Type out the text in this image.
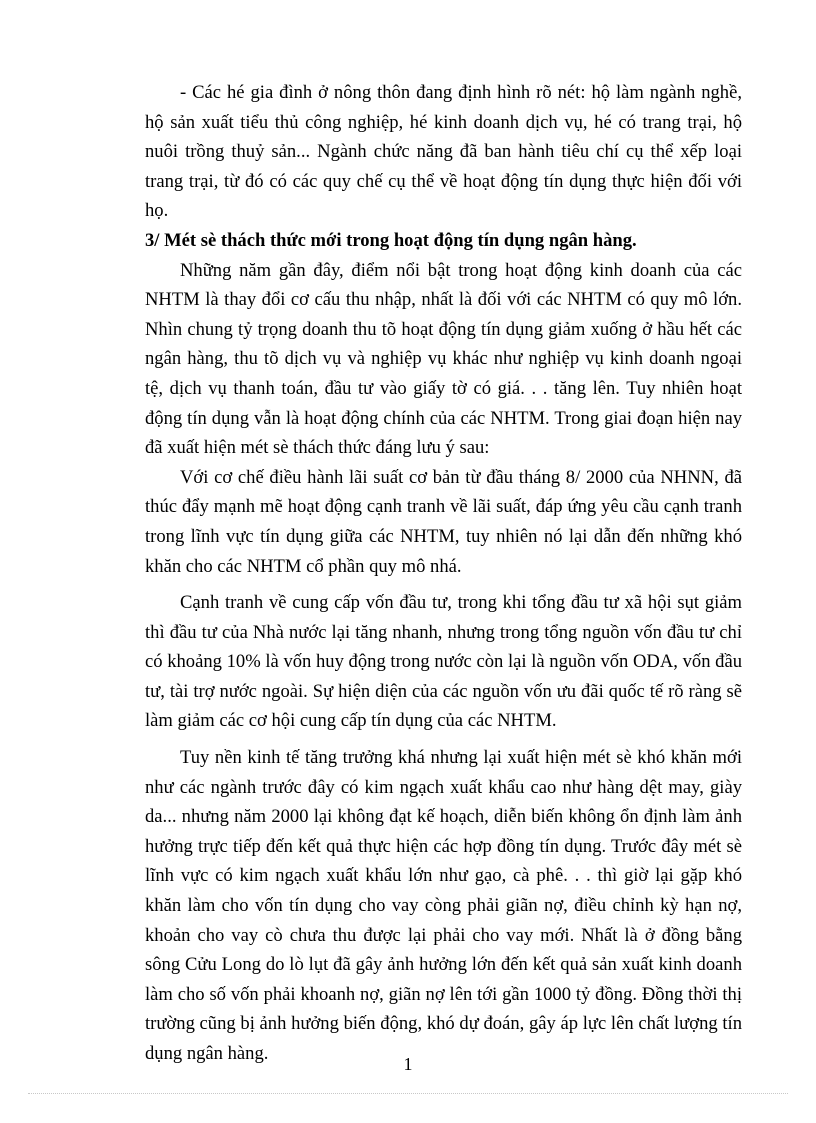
- Các hé gia đình ở nông thôn đang định hình rõ nét: hộ làm ngành nghề, hộ sản xuất tiểu thủ công nghiệp, hé kinh doanh dịch vụ, hé có trang trại, hộ nuôi trồng thuỷ sản... Ngành chức năng đã ban hành tiêu chí cụ thể xếp loại trang trại, từ đó có các quy chế cụ thể về hoạt động tín dụng thực hiện đối với họ.

3/ Mét sè thách thức mới trong hoạt động tín dụng ngân hàng.

Những năm gần đây, điểm nổi bật trong hoạt động kinh doanh của các NHTM là thay đổi cơ cấu thu nhập, nhất là đối với các NHTM có quy mô lớn. Nhìn chung tỷ trọng doanh thu tõ hoạt động tín dụng giảm xuống ở hầu hết các ngân hàng, thu tõ dịch vụ và nghiệp vụ khác như nghiệp vụ kinh doanh ngoại tệ, dịch vụ thanh toán, đầu tư vào giấy tờ có giá. . . tăng lên. Tuy nhiên hoạt động tín dụng vẫn là hoạt động chính của các NHTM. Trong giai đoạn hiện nay đã xuất hiện mét sè thách thức đáng lưu ý sau:

Với cơ chế điều hành lãi suất cơ bản từ đầu tháng 8/ 2000 của NHNN, đã thúc đẩy mạnh mẽ hoạt động cạnh tranh về lãi suất, đáp ứng yêu cầu cạnh tranh trong lĩnh vực tín dụng giữa các NHTM, tuy nhiên nó lại dẫn đến những khó khăn cho các NHTM cổ phần quy mô nhá.

Cạnh tranh về cung cấp vốn đầu tư, trong khi tổng đầu tư xã hội sụt giảm thì đầu tư của Nhà nước lại tăng nhanh, nhưng trong tổng nguồn vốn đầu tư chỉ có khoảng 10% là vốn huy động trong nước còn lại là nguồn vốn ODA, vốn đầu tư, tài trợ nước ngoài. Sự hiện diện của các nguồn vốn ưu đãi quốc tế rõ ràng sẽ làm giảm các cơ hội cung cấp tín dụng của các NHTM.

Tuy nền kinh tế tăng trưởng khá nhưng lại xuất hiện mét sè khó khăn mới như các ngành trước đây có kim ngạch xuất khẩu cao như hàng dệt may, giày da... nhưng năm 2000 lại không đạt kế hoạch, diễn biến không ổn định làm ảnh hưởng trực tiếp đến kết quả thực hiện các hợp đồng tín dụng. Trước đây mét sè lĩnh vực có kim ngạch xuất khẩu lớn như gạo, cà phê. . . thì giờ lại gặp khó khăn làm cho vốn tín dụng cho vay còng phải giãn nợ, điều chỉnh kỳ hạn nợ, khoản cho vay cò chưa thu được lại phải cho vay mới. Nhất là ở đồng bằng sông Cửu Long do lò lụt đã gây ảnh hưởng lớn đến kết quả sản xuất kinh doanh làm cho số vốn phải khoanh nợ, giãn nợ lên tới gần 1000 tỷ đồng. Đồng thời thị trường cũng bị ảnh hưởng biến động, khó dự đoán, gây áp lực lên chất lượng tín dụng ngân hàng.	1
